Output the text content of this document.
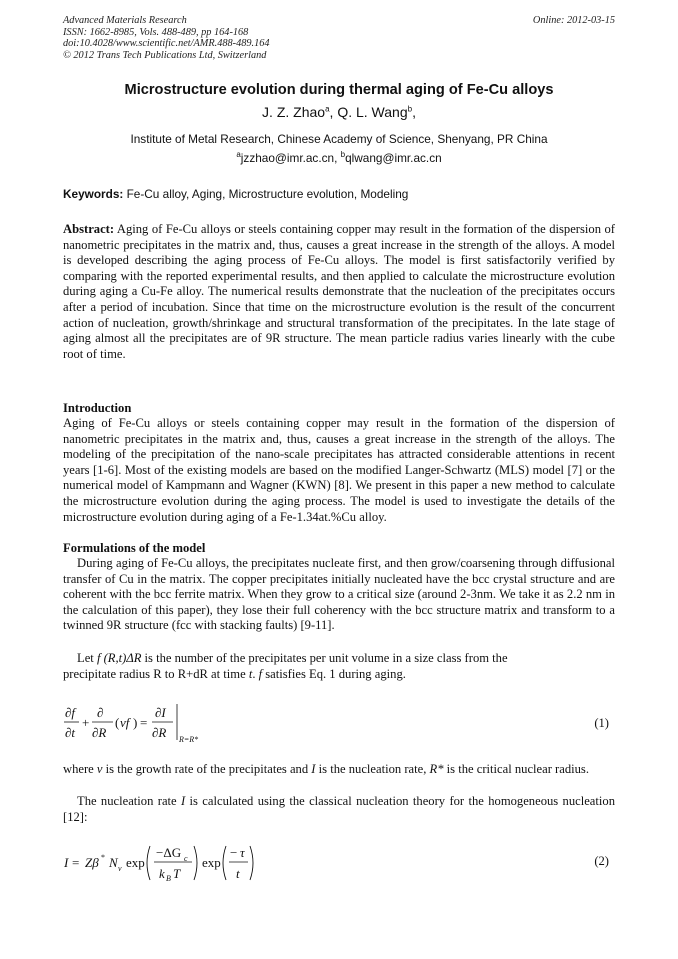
Advanced Materials Research
ISSN: 1662-8985, Vols. 488-489, pp 164-168
doi:10.4028/www.scientific.net/AMR.488-489.164
© 2012 Trans Tech Publications Ltd, Switzerland
Online: 2012-03-15
Microstructure evolution during thermal aging of Fe-Cu alloys
J. Z. Zhao$^a$, Q. L. Wang$^b$,
Institute of Metal Research, Chinese Academy of Science, Shenyang, PR China
$^a$jzzhao@imr.ac.cn, $^b$qlwang@imr.ac.cn
Keywords: Fe-Cu alloy, Aging, Microstructure evolution, Modeling
Abstract: Aging of Fe-Cu alloys or steels containing copper may result in the formation of the dispersion of nanometric precipitates in the matrix and, thus, causes a great increase in the strength of the alloys. A model is developed describing the aging process of Fe-Cu alloys. The model is first satisfactorily verified by comparing with the reported experimental results, and then applied to calculate the microstructure evolution during aging a Cu-Fe alloy. The numerical results demonstrate that the nucleation of the precipitates occurs after a period of incubation. Since that time on the microstructure evolution is the result of the concurrent action of nucleation, growth/shrinkage and structural transformation of the precipitates. In the late stage of aging almost all the precipitates are of 9R structure. The mean particle radius varies linearly with the cube root of time.
Introduction
Aging of Fe-Cu alloys or steels containing copper may result in the formation of the dispersion of nanometric precipitates in the matrix and, thus, causes a great increase in the strength of the alloys. The modeling of the precipitation of the nano-scale precipitates has attracted considerable attentions in recent years [1-6]. Most of the existing models are based on the modified Langer-Schwartz (MLS) model [7] or the numerical model of Kampmann and Wagner (KWN) [8]. We present in this paper a new method to calculate the microstructure evolution during the aging process. The model is used to investigate the details of the microstructure evolution during aging of a Fe-1.34at.%Cu alloy.
Formulations of the model
During aging of Fe-Cu alloys, the precipitates nucleate first, and then grow/coarsening through diffusional transfer of Cu in the matrix. The copper precipitates initially nucleated have the bcc crystal structure and are coherent with the bcc ferrite matrix. When they grow to a critical size (around 2-3nm. We take it as 2.2 nm in the calculation of this paper), they lose their full coherency with the bcc structure matrix and transform to a twinned 9R structure (fcc with stacking faults) [9-11].
Let f (R,t)ΔR is the number of the precipitates per unit volume in a size class from the
precipitate radius R to R+dR at time t. f satisfies Eq. 1 during aging.
∂f
∂t
+
∂
∂R
( vf ) =
∂I
∂R R=R*
(1)
where v is the growth rate of the precipitates and I is the nucleation rate, R* is the critical nuclear radius.
The nucleation rate I is calculated using the classical nucleation theory for the homogeneous nucleation [12]:
I = Zβ * N v exp
−ΔG c
k B T
exp
− τ
t
(2)
